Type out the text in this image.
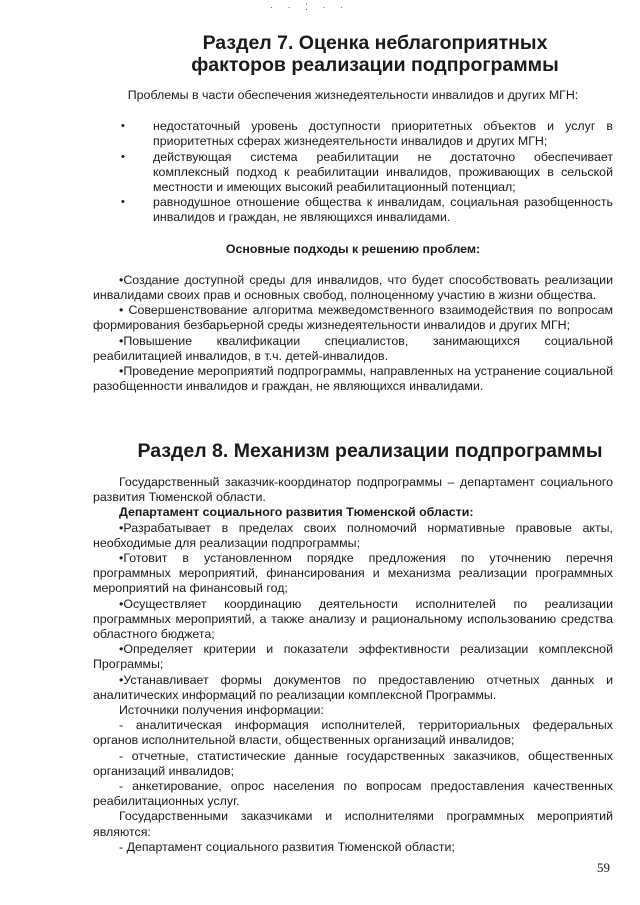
· · ⁚ · ·
Раздел 7. Оценка неблагоприятных факторов реализации подпрограммы

Проблемы в части обеспечения жизнедеятельности инвалидов и других МГН:

•	недостаточный уровень доступности приоритетных объектов и услуг в приоритетных сферах жизнедеятельности инвалидов и других МГН;
•	действующая система реабилитации не достаточно обеспечивает комплексный подход к реабилитации инвалидов, проживающих в сельской местности и имеющих высокий реабилитационный потенциал;
•	равнодушное отношение общества к инвалидам, социальная разобщенность инвалидов и граждан, не являющихся инвалидами.

Основные подходы к решению проблем:

•Создание доступной среды для инвалидов, что будет способствовать реализации инвалидами своих прав и основных свобод, полноценному участию в жизни общества.

• Совершенствование алгоритма межведомственного взаимодействия по вопросам формирования безбарьерной среды жизнедеятельности инвалидов и других МГН;

•Повышение квалификации специалистов, занимающихся социальной реабилитацией инвалидов, в т.ч. детей-инвалидов.

•Проведение мероприятий подпрограммы, направленных на устранение социальной разобщенности инвалидов и граждан, не являющихся инвалидами.

Раздел 8. Механизм реализации подпрограммы

Государственный заказчик-координатор подпрограммы – департамент социального развития Тюменской области.

Департамент социального развития Тюменской области:

•Разрабатывает в пределах своих полномочий нормативные правовые акты, необходимые для реализации подпрограммы;

•Готовит в установленном порядке предложения по уточнению перечня программных мероприятий, финансирования и механизма реализации программных мероприятий на финансовый год;

•Осуществляет координацию деятельности исполнителей по реализации программных мероприятий, а также анализу и рациональному использованию средства областного бюджета;

•Определяет критерии и показатели эффективности реализации комплексной Программы;

•Устанавливает формы документов по предоставлению отчетных данных и аналитических информаций по реализации комплексной Программы.

Источники получения информации:

- аналитическая информация исполнителей, территориальных федеральных органов исполнительной власти, общественных организаций инвалидов;

- отчетные, статистические данные государственных заказчиков, общественных организаций инвалидов;

- анкетирование, опрос населения по вопросам предоставления качественных реабилитационных услуг.

Государственными заказчиками и исполнителями программных мероприятий являются:

- Департамент социального развития Тюменской области;

59
